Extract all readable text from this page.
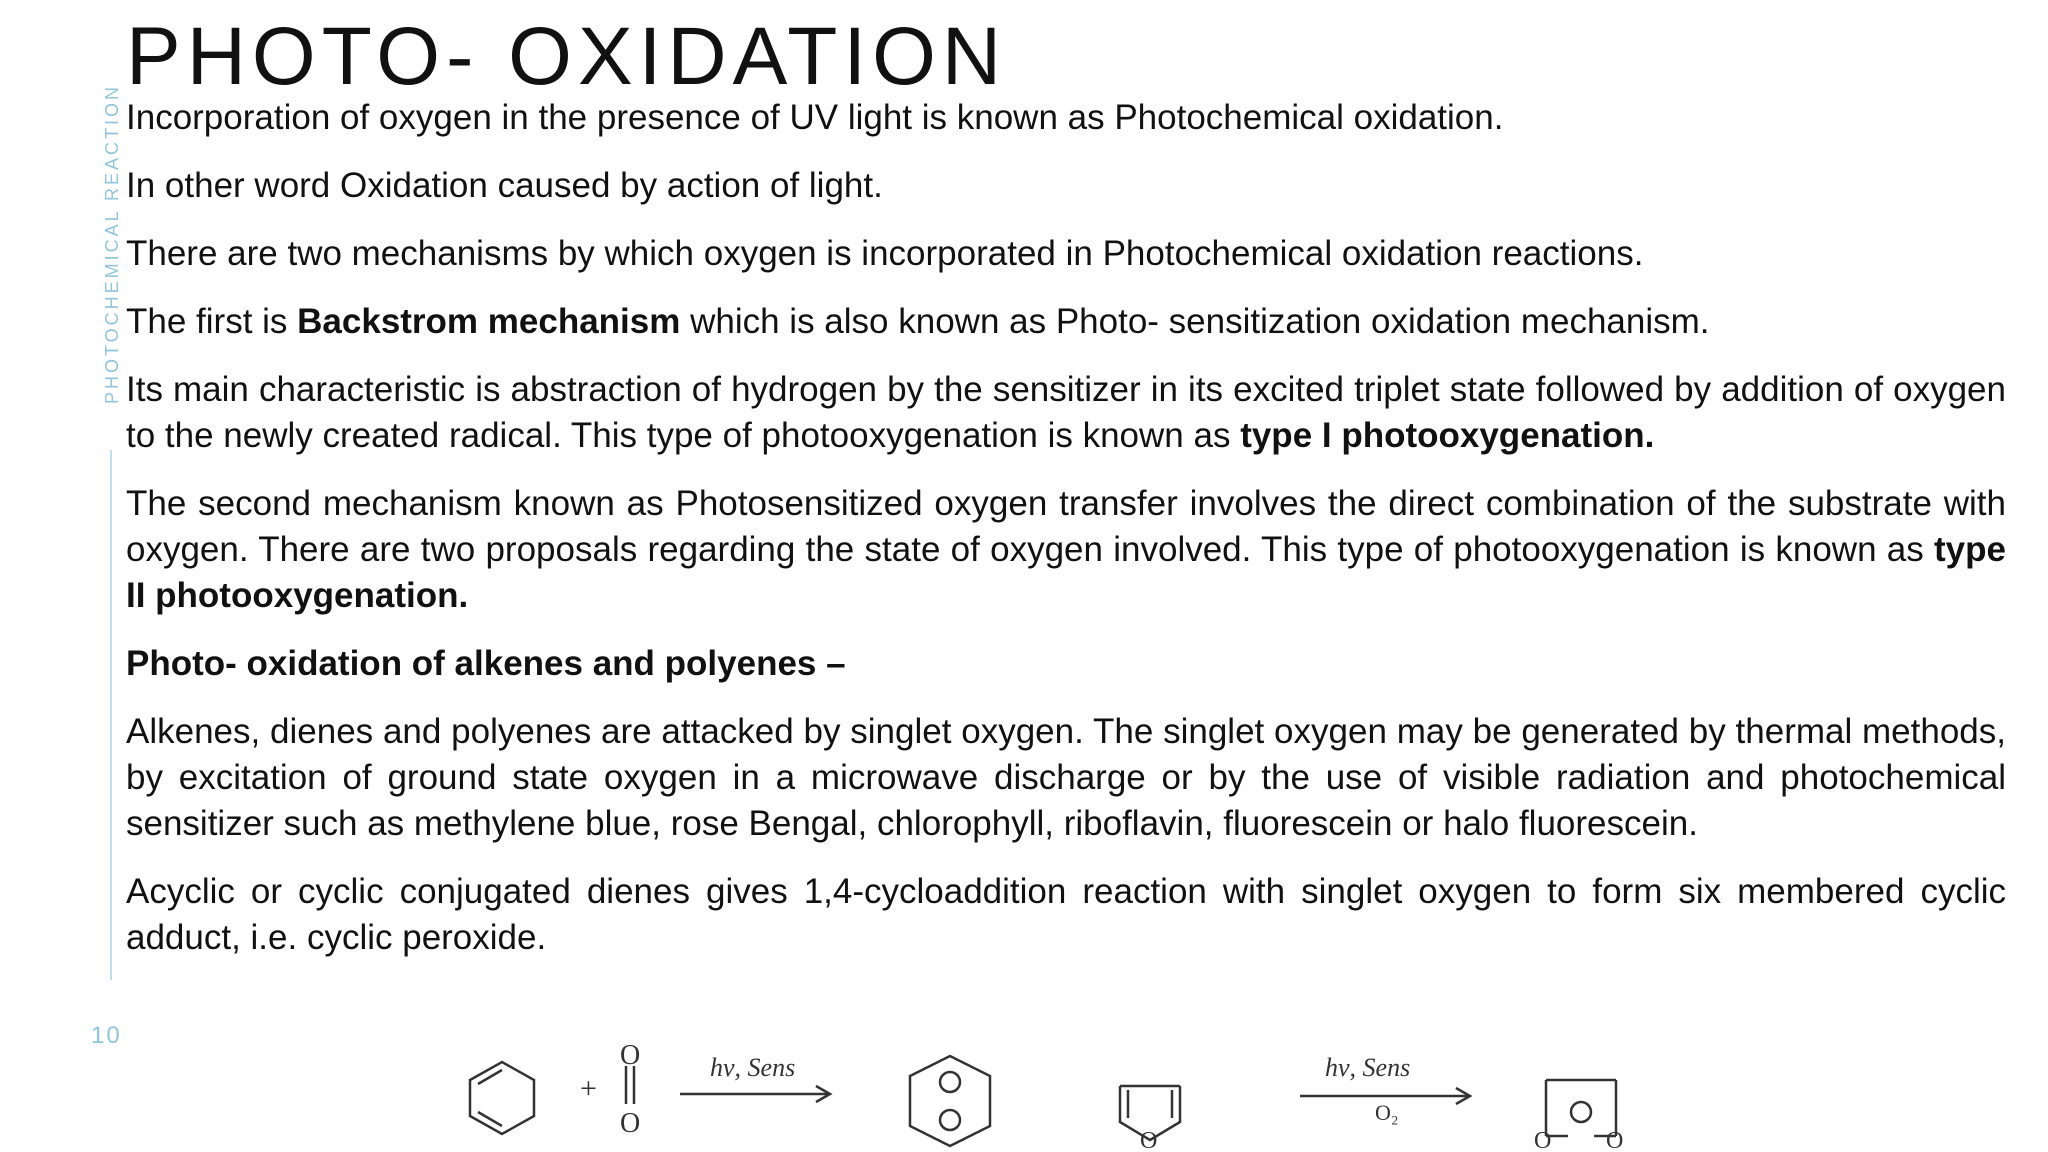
PHOTOCHEMICAL REACTION
10
PHOTO- OXIDATION
O₂
or
hν, Sens
hν, Sens
O₂

Incorporation of oxygen in the presence of UV light is known as Photochemical oxidation.

In other word Oxidation caused by action of light.

There are two mechanisms by which oxygen is incorporated in Photochemical oxidation reactions.

The first is Backstrom mechanism which is also known as Photo- sensitization oxidation mechanism.

Its main characteristic is abstraction of hydrogen by the sensitizer in its excited triplet state followed by addition of oxygen to the newly created radical. This type of photooxygenation is known as type I photooxygenation.

The second mechanism known as Photosensitized oxygen transfer involves the direct combination of the substrate with oxygen. There are two proposals regarding the state of oxygen involved. This type of photooxygenation is known as type II photooxygenation.

Photo- oxidation of alkenes and polyenes –

Alkenes, dienes and polyenes are attacked by singlet oxygen. The singlet oxygen may be generated by thermal methods, by excitation of ground state oxygen in a microwave discharge or by the use of visible radiation and photochemical sensitizer such as methylene blue, rose Bengal, chlorophyll, riboflavin, fluorescein or halo fluorescein.

Acyclic or cyclic conjugated dienes gives 1,4-cycloaddition reaction with singlet oxygen to form six membered cyclic adduct, i.e. cyclic peroxide.

+
O
O
hν, Sens
O
hν, Sens
O₂
O O
